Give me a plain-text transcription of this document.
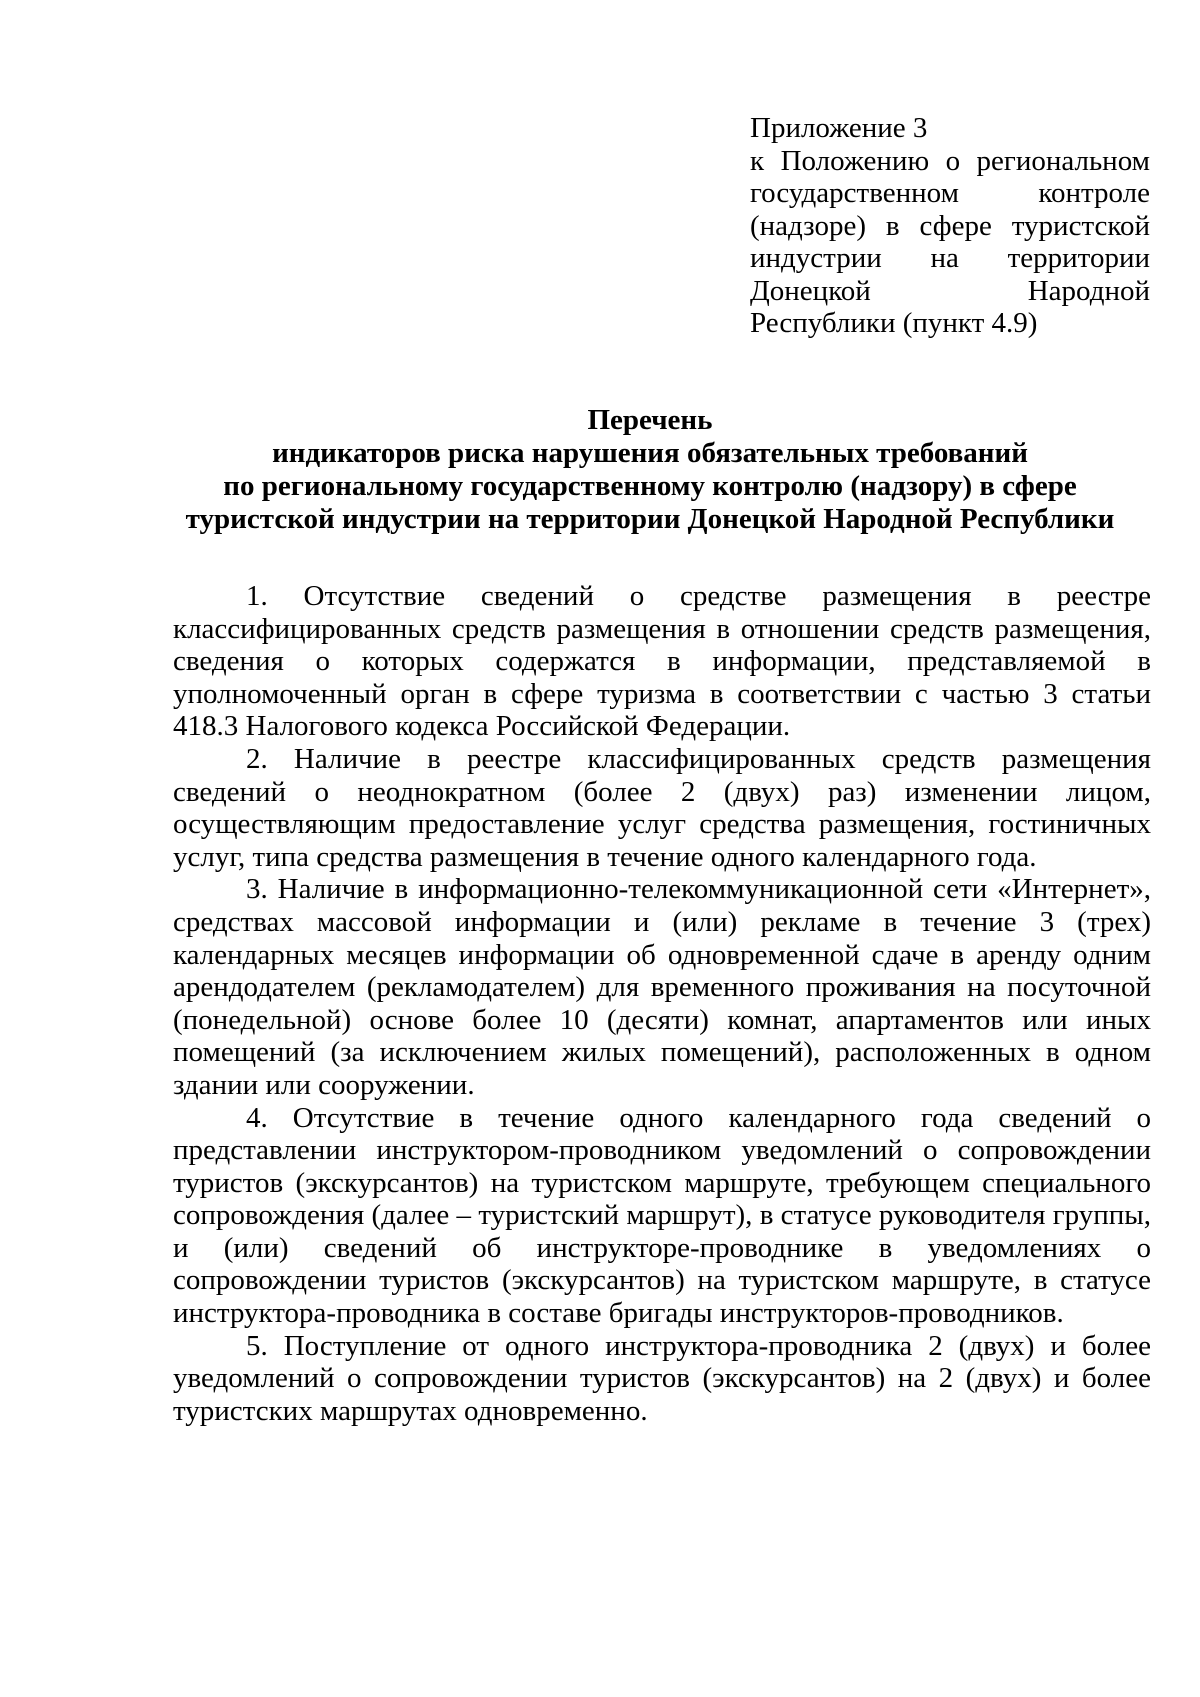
Приложение 3
к Положению о региональном государственном контроле (надзоре) в сфере туристской индустрии на территории Донецкой Народной Республики (пункт 4.9)
Перечень
индикаторов риска нарушения обязательных требований
по региональному государственному контролю (надзору) в сфере
туристской индустрии на территории Донецкой Народной Республики

1. Отсутствие сведений о средстве размещения в реестре классифицированных средств размещения в отношении средств размещения, сведения о которых содержатся в информации, представляемой в уполномоченный орган в сфере туризма в соответствии с частью 3 статьи 418.3 Налогового кодекса Российской Федерации.

2. Наличие в реестре классифицированных средств размещения сведений о неоднократном (более 2 (двух) раз) изменении лицом, осуществляющим предоставление услуг средства размещения, гостиничных услуг, типа средства размещения в течение одного календарного года.

3. Наличие в информационно-телекоммуникационной сети «Интернет», средствах массовой информации и (или) рекламе в течение 3 (трех) календарных месяцев информации об одновременной сдаче в аренду одним арендодателем (рекламодателем) для временного проживания на посуточной (понедельной) основе более 10 (десяти) комнат, апартаментов или иных помещений (за исключением жилых помещений), расположенных в одном здании или сооружении.

4. Отсутствие в течение одного календарного года сведений о представлении инструктором-проводником уведомлений о сопровождении туристов (экскурсантов) на туристском маршруте, требующем специального сопровождения (далее – туристский маршрут), в статусе руководителя группы, и (или) сведений об инструкторе-проводнике в уведомлениях о сопровождении туристов (экскурсантов) на туристском маршруте, в статусе инструктора-проводника в составе бригады инструкторов-проводников.

5. Поступление от одного инструктора-проводника 2 (двух) и более уведомлений о сопровождении туристов (экскурсантов) на 2 (двух) и более туристских маршрутах одновременно.
